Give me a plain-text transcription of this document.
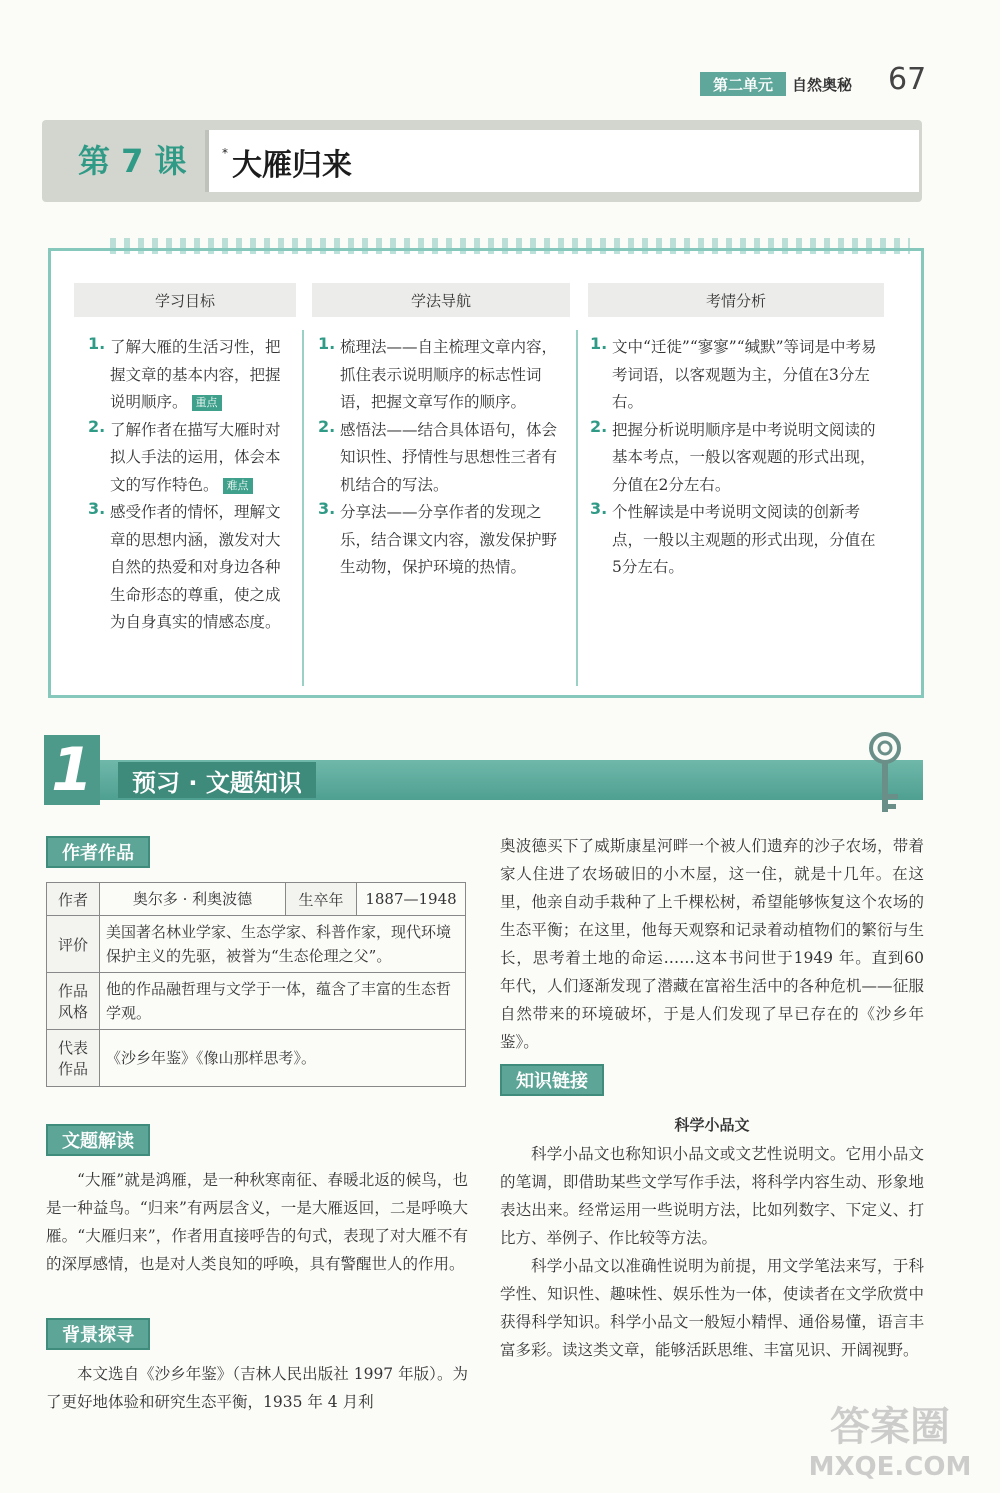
第二单元	自然奥秘 67
第 7 课	* 大雁归来
学习目标	学法导航	考情分析
1. 了解大雁的生活习性，把握文章的基本内容，把握说明顺序。 重点
2. 了解作者在描写大雁时对拟人手法的运用，体会本文的写作特色。 难点
3. 感受作者的情怀，理解文章的思想内涵，激发对大自然的热爱和对身边各种生命形态的尊重，使之成为自身真实的情感态度。
1. 梳理法——自主梳理文章内容，抓住表示说明顺序的标志性词语，把握文章写作的顺序。
2. 感悟法——结合具体语句，体会知识性、抒情性与思想性三者有机结合的写法。
3. 分享法——分享作者的发现之乐，结合课文内容，激发保护野生动物，保护环境的热情。
1. 文中“迁徙”“寥寥”“缄默”等词是中考易考词语，以客观题为主，分值在3分左右。
2. 把握分析说明顺序是中考说明文阅读的基本考点，一般以客观题的形式出现，分值在2分左右。
3. 个性解读是中考说明文阅读的创新考点，一般以主观题的形式出现，分值在5分左右。
1	预习 · 文题知识
作者作品
作者	奥尔多 · 利奥波德	生卒年	1887—1948
评价	美国著名林业学家、生态学家、科普作家，现代环境保护主义的先驱，被誉为“生态伦理之父”。		
作品风格	他的作品融哲理与文学于一体，蕴含了丰富的生态哲学观。		
代表作品	《沙乡年鉴》《像山那样思考》。		
文题解读
“大雁”就是鸿雁，是一种秋寒南征、春暖北返的候鸟，也是一种益鸟。“归来”有两层含义，一是大雁返回，二是呼唤大雁。“大雁归来”，作者用直接呼告的句式，表现了对大雁不有的深厚感情，也是对人类良知的呼唤，具有警醒世人的作用。
背景探寻
本文选自《沙乡年鉴》（吉林人民出版社 1997 年版）。为了更好地体验和研究生态平衡，1935 年 4 月利
奥波德买下了威斯康星河畔一个被人们遗弃的沙子农场，带着家人住进了农场破旧的小木屋，这一住，就是十几年。在这里，他亲自动手栽种了上千棵松树，希望能够恢复这个农场的生态平衡；在这里，他每天观察和记录着动植物们的繁衍与生长，思考着土地的命运……这本书问世于1949 年。直到60 年代，人们逐渐发现了潜藏在富裕生活中的各种危机——征服自然带来的环境破坏，于是人们发现了早已存在的《沙乡年鉴》。
知识链接
科学小品文
科学小品文也称知识小品文或文艺性说明文。它用小品文的笔调，即借助某些文学写作手法，将科学内容生动、形象地表达出来。经常运用一些说明方法，比如列数字、下定义、打比方、举例子、作比较等方法。
科学小品文以准确性说明为前提，用文学笔法来写，于科学性、知识性、趣味性、娱乐性为一体，使读者在文学欣赏中获得科学知识。科学小品文一般短小精悍、通俗易懂，语言丰富多彩。读这类文章，能够活跃思维、丰富见识、开阔视野。
答案圈
MXQE.COM
